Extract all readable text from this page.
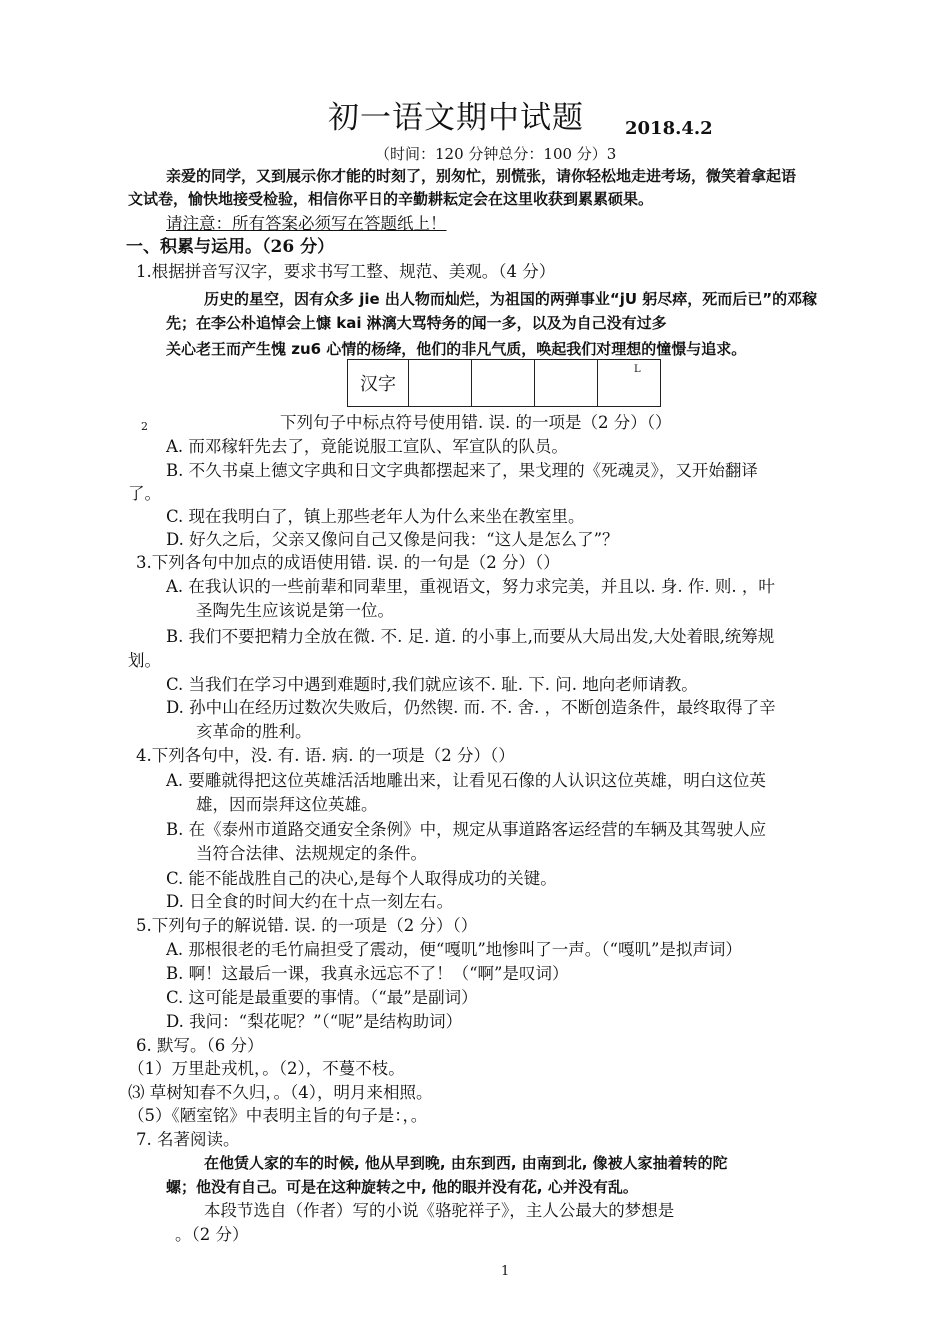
初一语文期中试题 2018.4.2
（时间：120 分钟总分：100 分）3
亲爱的同学，又到展示你才能的时刻了，别匆忙，别慌张，请你轻松地走进考场，微笑着拿起语
文试卷，愉快地接受检验，相信你平日的辛勤耕耘定会在这里收获到累累硕果。
请注意：所有答案必须写在答题纸上！
一、积累与运用。（26 分）
1.根据拼音写汉字，要求书写工整、规范、美观。（4 分）
历史的星空，因有众多 jie 出人物而灿烂，为祖国的两弹事业“jU 躬尽瘁，死而后已”的邓稼
先；在李公朴追悼会上慷 kai 淋漓大骂特务的闻一多，以及为自己没有过多
关心老王而产生愧 zu6 心情的杨绛，他们的非凡气质，唤起我们对理想的憧憬与追求。
汉字				
L
2	下列句子中标点符号使用错. 误. 的一项是（2 分）（）
A. 而邓稼轩先去了，竟能说服工宣队、军宣队的队员。
B. 不久书桌上德文字典和日文字典都摆起来了，果戈理的《死魂灵》，又开始翻译
了。
C. 现在我明白了，镇上那些老年人为什么来坐在教室里。
D. 好久之后，父亲又像问自己又像是问我：“这人是怎么了”？
3.下列各句中加点的成语使用错. 误. 的一句是（2 分）（）
A. 在我认识的一些前辈和同辈里，重视语文，努力求完美，并且以. 身. 作. 则. ，叶
圣陶先生应该说是第一位。
B. 我们不要把精力全放在微. 不. 足. 道. 的小事上,而要从大局出发,大处着眼,统筹规
划。
C. 当我们在学习中遇到难题时,我们就应该不. 耻. 下. 问. 地向老师请教。
D. 孙中山在经历过数次失败后，仍然锲. 而. 不. 舍. ，不断创造条件，最终取得了辛
亥革命的胜利。
4.下列各句中，没. 有. 语. 病. 的一项是（2 分）（）
A. 要雕就得把这位英雄活活地雕出来，让看见石像的人认识这位英雄，明白这位英
雄，因而崇拜这位英雄。
B. 在《泰州市道路交通安全条例》中，规定从事道路客运经营的车辆及其驾驶人应
当符合法律、法规规定的条件。
C. 能不能战胜自己的决心,是每个人取得成功的关键。
D. 日全食的时间大约在十点一刻左右。
5.下列句子的解说错. 误. 的一项是（2 分）（）
A. 那根很老的毛竹扁担受了震动，便“嘎叽”地惨叫了一声。（“嘎叽”是拟声词）
B. 啊！这最后一课，我真永远忘不了！（“啊”是叹词）
C. 这可能是最重要的事情。（“最”是副词）
D. 我问：“梨花呢？”（“呢”是结构助词）
6. 默写。（6 分）
（1）万里赴戎机，。（2），不蔓不枝。
⑶ 草树知春不久归，。（4），明月来相照。
（5）《陋室铭》中表明主旨的句子是：，。
7. 名著阅读。
在他赁人家的车的时候, 他从早到晚, 由东到西, 由南到北, 像被人家抽着转的陀
螺；他没有自己。可是在这种旋转之中, 他的眼并没有花, 心并没有乱。
本段节选自（作者）写的小说《骆驼祥子》，主人公最大的梦想是
。（2 分）
1
